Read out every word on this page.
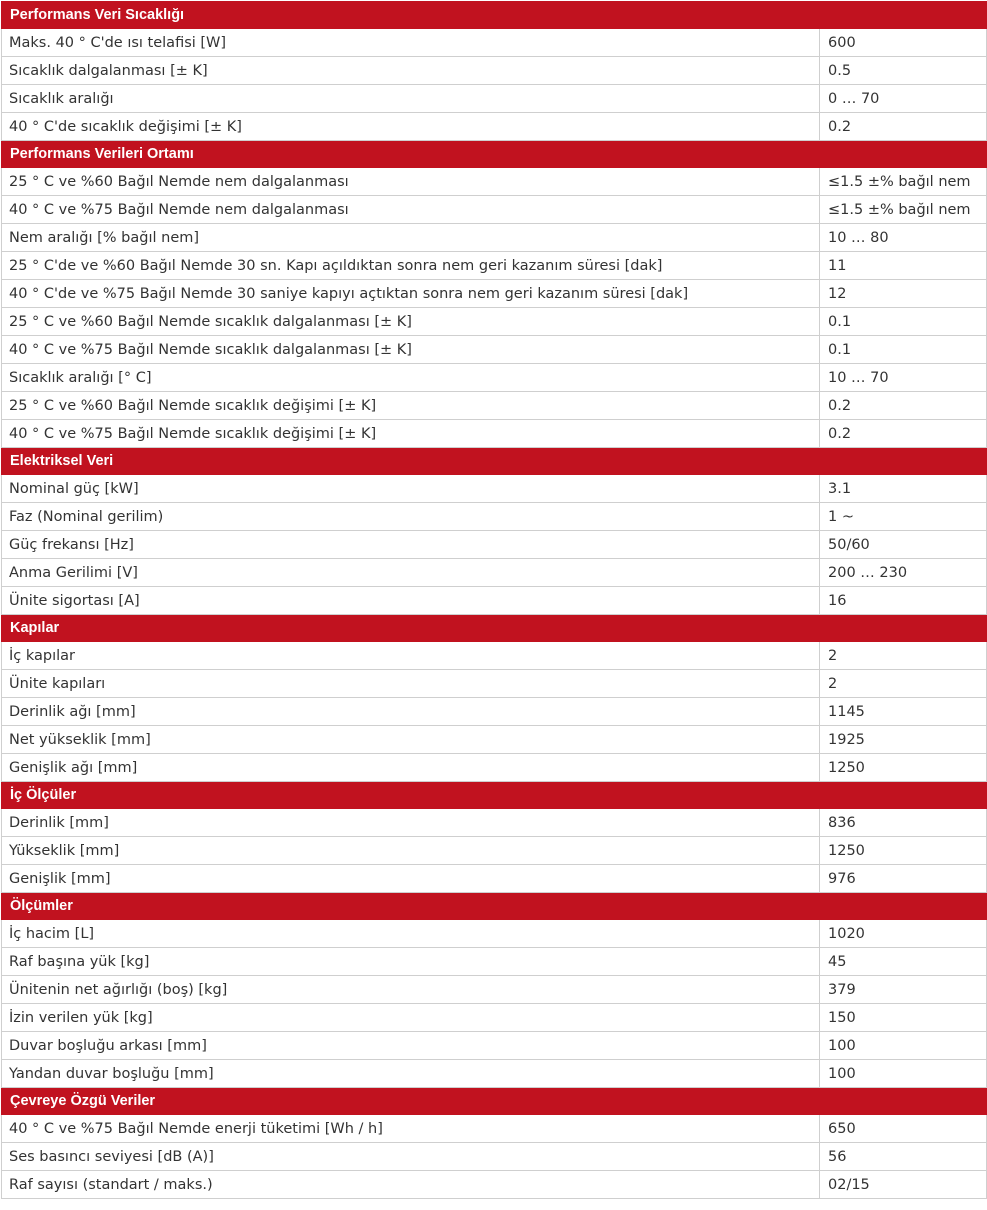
Performans Veri Sıcaklığı	
Maks. 40 ° C'de ısı telafisi [W]	600
Sıcaklık dalgalanması [± K]	0.5
Sıcaklık aralığı	0 … 70
40 ° C'de sıcaklık değişimi [± K]	0.2
Performans Verileri Ortamı	
25 ° C ve %60 Bağıl Nemde nem dalgalanması	≤1.5 ±% bağıl nem
40 ° C ve %75 Bağıl Nemde nem dalgalanması	≤1.5 ±% bağıl nem
Nem aralığı [% bağıl nem]	10 … 80
25 ° C'de ve %60 Bağıl Nemde 30 sn. Kapı açıldıktan sonra nem geri kazanım süresi [dak]	11
40 ° C'de ve %75 Bağıl Nemde 30 saniye kapıyı açtıktan sonra nem geri kazanım süresi [dak]	12
25 ° C ve %60 Bağıl Nemde sıcaklık dalgalanması [± K]	0.1
40 ° C ve %75 Bağıl Nemde sıcaklık dalgalanması [± K]	0.1
Sıcaklık aralığı [° C]	10 … 70
25 ° C ve %60 Bağıl Nemde sıcaklık değişimi [± K]	0.2
40 ° C ve %75 Bağıl Nemde sıcaklık değişimi [± K]	0.2
Elektriksel Veri	
Nominal güç [kW]	3.1
Faz (Nominal gerilim)	1 ~
Güç frekansı [Hz]	50/60
Anma Gerilimi [V]	200 … 230
Ünite sigortası [A]	16
Kapılar	
İç kapılar	2
Ünite kapıları	2
Derinlik ağı [mm]	1145
Net yükseklik [mm]	1925
Genişlik ağı [mm]	1250
İç Ölçüler	
Derinlik [mm]	836
Yükseklik [mm]	1250
Genişlik [mm]	976
Ölçümler	
İç hacim [L]	1020
Raf başına yük [kg]	45
Ünitenin net ağırlığı (boş) [kg]	379
İzin verilen yük [kg]	150
Duvar boşluğu arkası [mm]	100
Yandan duvar boşluğu [mm]	100
Çevreye Özgü Veriler	
40 ° C ve %75 Bağıl Nemde enerji tüketimi [Wh / h]	650
Ses basıncı seviyesi [dB (A)]	56
Raf sayısı (standart / maks.)	02/15
